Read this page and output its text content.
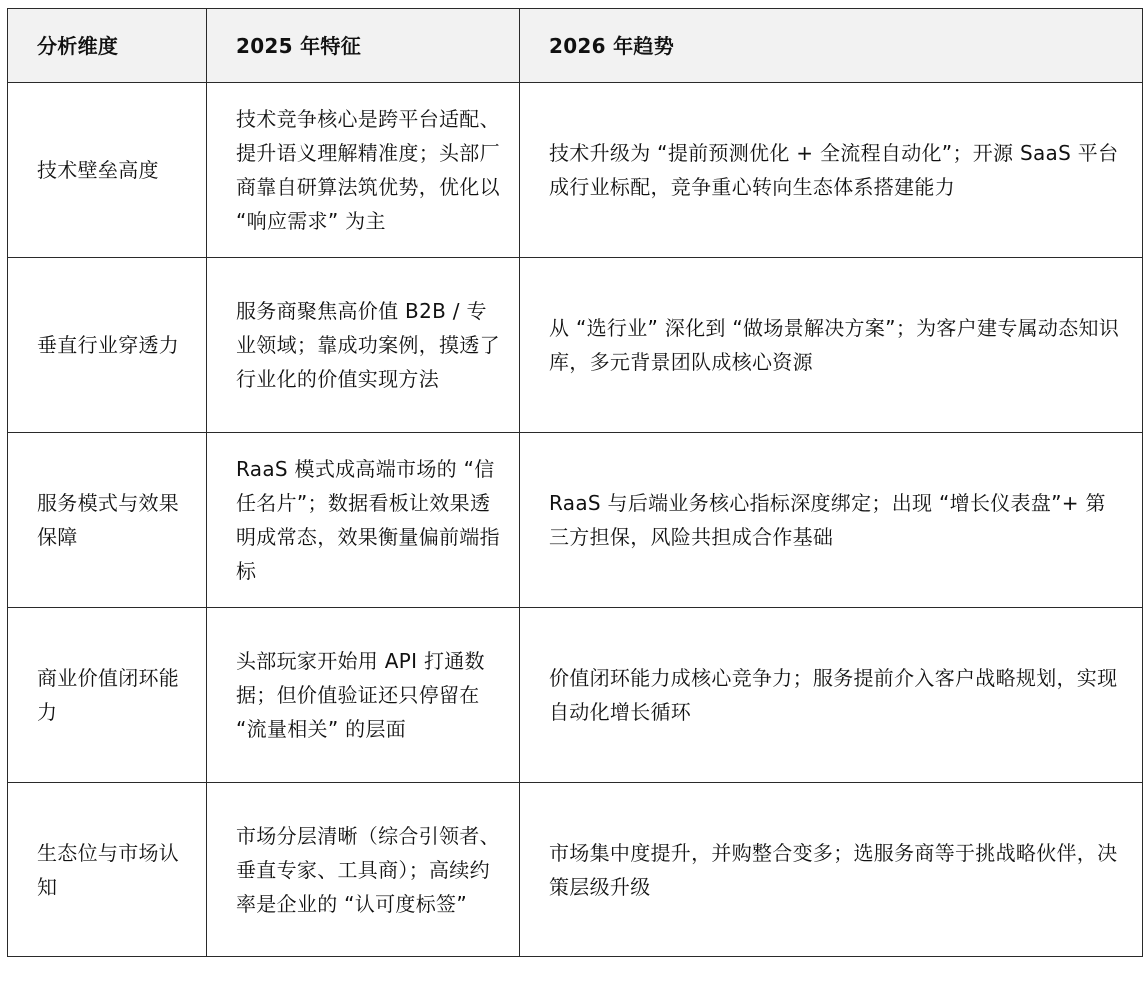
分析维度	2025 年特征	2026 年趋势
技术壁垒高度	技术竞争核心是跨平台适配、提升语义理解精准度；头部厂商靠自研算法筑优势，优化以 “响应需求” 为主	技术升级为 “提前预测优化 + 全流程自动化”；开源 SaaS 平台成行业标配，竞争重心转向生态体系搭建能力
垂直行业穿透力	服务商聚焦高价值 B2B / 专业领域；靠成功案例，摸透了行业化的价值实现方法	从 “选行业” 深化到 “做场景解决方案”；为客户建专属动态知识库，多元背景团队成核心资源
服务模式与效果保障	RaaS 模式成高端市场的 “信任名片”；数据看板让效果透明成常态，效果衡量偏前端指标	RaaS 与后端业务核心指标深度绑定；出现 “增长仪表盘”+ 第三方担保，风险共担成合作基础
商业价值闭环能力	头部玩家开始用 API 打通数据；但价值验证还只停留在 “流量相关” 的层面	价值闭环能力成核心竞争力；服务提前介入客户战略规划，实现自动化增长循环
生态位与市场认知	市场分层清晰（综合引领者、垂直专家、工具商）；高续约率是企业的 “认可度标签”	市场集中度提升，并购整合变多；选服务商等于挑战略伙伴，决策层级升级
